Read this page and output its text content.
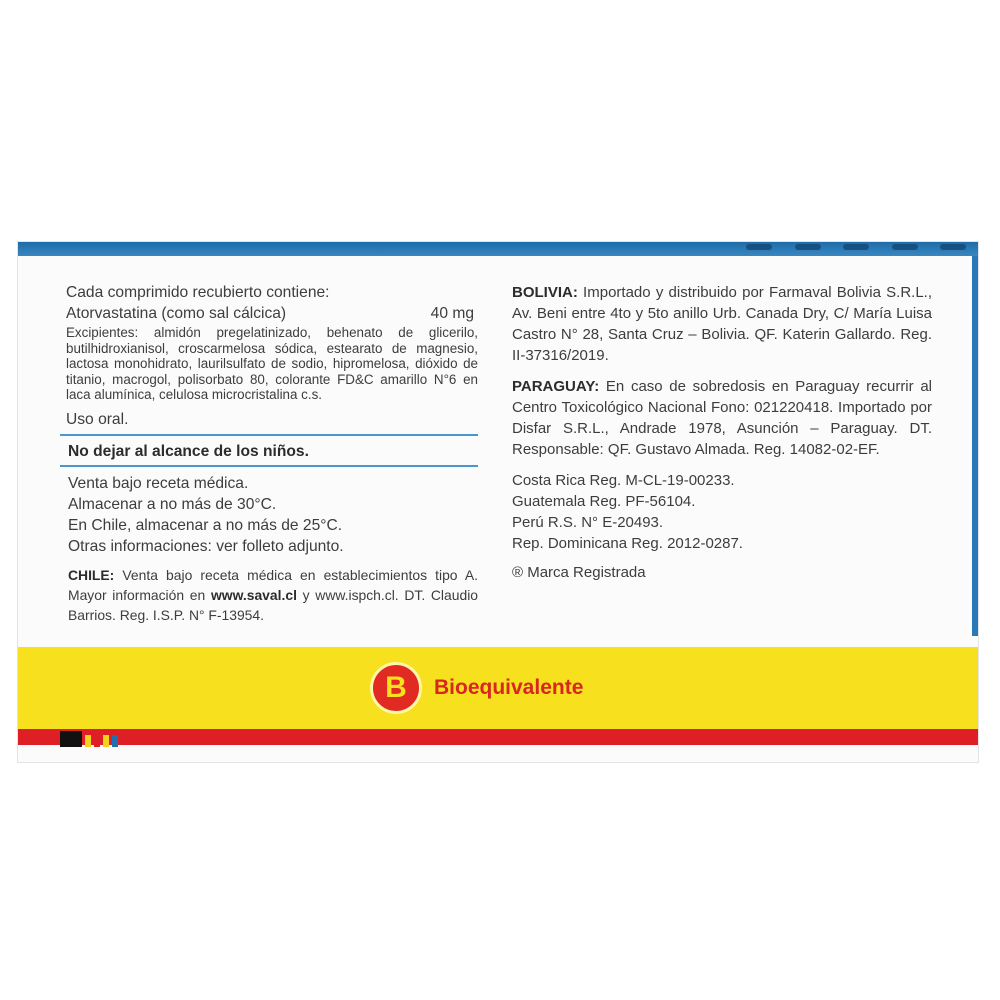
Cada comprimido recubierto contiene:
Atorvastatina (como sal cálcica)	40 mg
Excipientes: almidón pregelatinizado, behenato de glicerilo, butilhidroxianisol, croscarmelosa sódica, estearato de magnesio, lactosa monohidrato, laurilsulfato de sodio, hipromelosa, dióxido de titanio, macrogol, polisorbato 80, colorante FD&C amarillo N°6 en laca alumínica, celulosa microcristalina c.s.
Uso oral.
No dejar al alcance de los niños.
Venta bajo receta médica.
Almacenar a no más de 30°C.
En Chile, almacenar a no más de 25°C.
Otras informaciones: ver folleto adjunto.
CHILE: Venta bajo receta médica en establecimientos tipo A. Mayor información en www.saval.cl y www.ispch.cl. DT. Claudio Barrios. Reg. I.S.P. N° F-13954.
BOLIVIA: Importado y distribuido por Farmaval Bolivia S.R.L., Av. Beni entre 4to y 5to anillo Urb. Canada Dry, C/ María Luisa Castro N° 28, Santa Cruz – Bolivia. QF. Katerin Gallardo. Reg. II-37316/2019.
PARAGUAY: En caso de sobredosis en Paraguay recurrir al Centro Toxicológico Nacional Fono: 021220418. Importado por Disfar S.R.L., Andrade 1978, Asunción – Paraguay. DT. Responsable: QF. Gustavo Almada. Reg. 14082-02-EF.
Costa Rica Reg. M-CL-19-00233.
Guatemala Reg. PF-56104.
Perú R.S. N° E-20493.
Rep. Dominicana Reg. 2012-0287.
® Marca Registrada
B	Bioequivalente
